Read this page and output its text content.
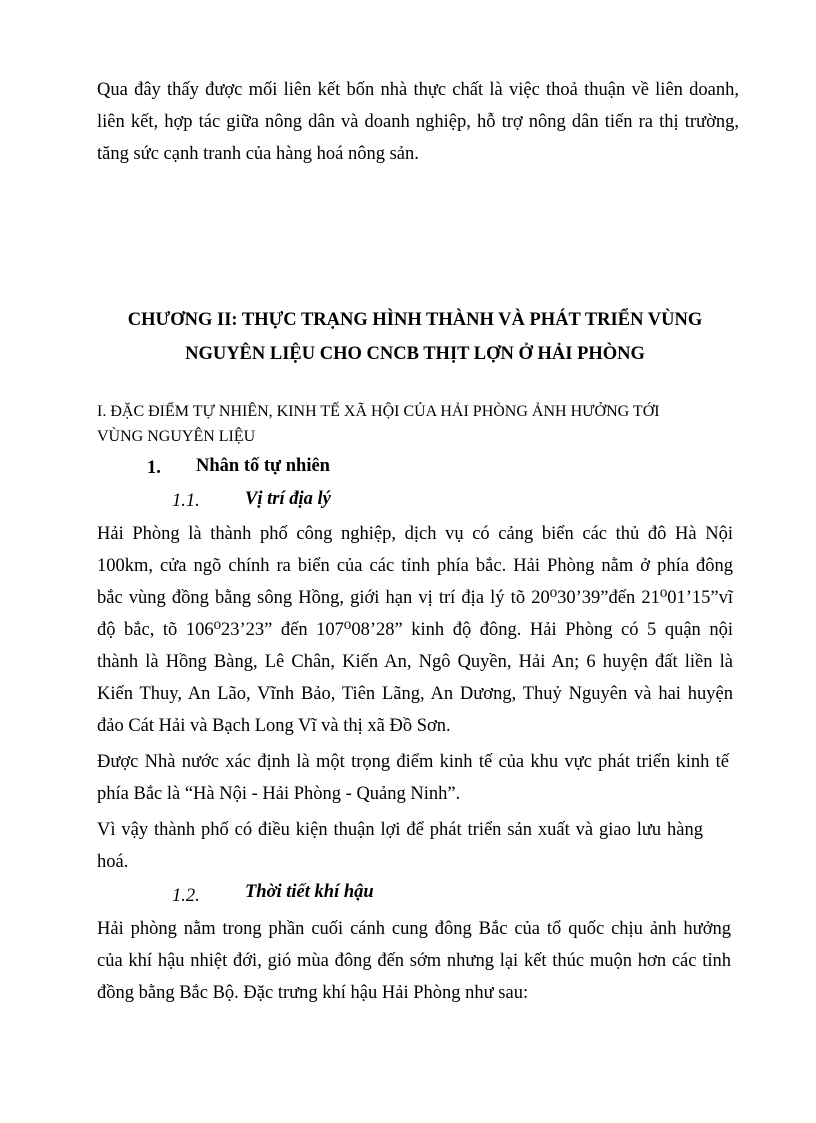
Qua đây thấy được mối liên kết bốn nhà thực chất là việc thoả thuận về liên doanh,
liên kết, hợp tác giữa nông dân và doanh nghiệp, hỗ trợ nông dân tiến ra thị trường,
tăng sức cạnh tranh của hàng hoá nông sản.
CHƯƠNG II: THỰC TRẠNG HÌNH THÀNH VÀ PHÁT TRIỂN VÙNG
NGUYÊN LIỆU CHO CNCB THỊT LỢN Ở HẢI PHÒNG
I. ĐẶC ĐIỂM TỰ NHIÊN, KINH TẾ XÃ HỘI CỦA HẢI PHÒNG ẢNH HƯỞNG TỚI
VÙNG NGUYÊN LIỆU
1. Nhân tố tự nhiên
1.1. Vị trí địa lý
Hải Phòng là thành phố công nghiệp, dịch vụ có cảng biển các thủ đô Hà Nội
100km, cửa ngõ chính ra biển của các tỉnh phía bắc. Hải Phòng nằm ở phía đông
bắc vùng đồng bằng sông Hồng, giới hạn vị trí địa lý tõ 20⁰30’39”đến 21⁰01’15”vĩ
độ bắc, tõ 106⁰23’23” đến 107⁰08’28” kinh độ đông. Hải Phòng có 5 quận nội
thành là Hồng Bàng, Lê Chân, Kiến An, Ngô Quyền, Hải An; 6 huyện đất liền là
Kiến Thuy, An Lão, Vĩnh Bảo, Tiên Lãng, An Dương, Thuỷ Nguyên và hai huyện
đảo Cát Hải và Bạch Long Vĩ và thị xã Đồ Sơn.
Được Nhà nước xác định là một trọng điểm kinh tế của khu vực phát triển kinh tế
phía Bắc là “Hà Nội - Hải Phòng - Quảng Ninh”.
Vì vậy thành phố có điều kiện thuận lợi để phát triển sản xuất và giao lưu hàng
hoá.
1.2. Thời tiết khí hậu
Hải phòng nằm trong phần cuối cánh cung đông Bắc của tổ quốc chịu ảnh hưởng
của khí hậu nhiệt đới, gió mùa đông đến sớm nhưng lại kết thúc muộn hơn các tỉnh
đồng bằng Bắc Bộ. Đặc trưng khí hậu Hải Phòng như sau:
